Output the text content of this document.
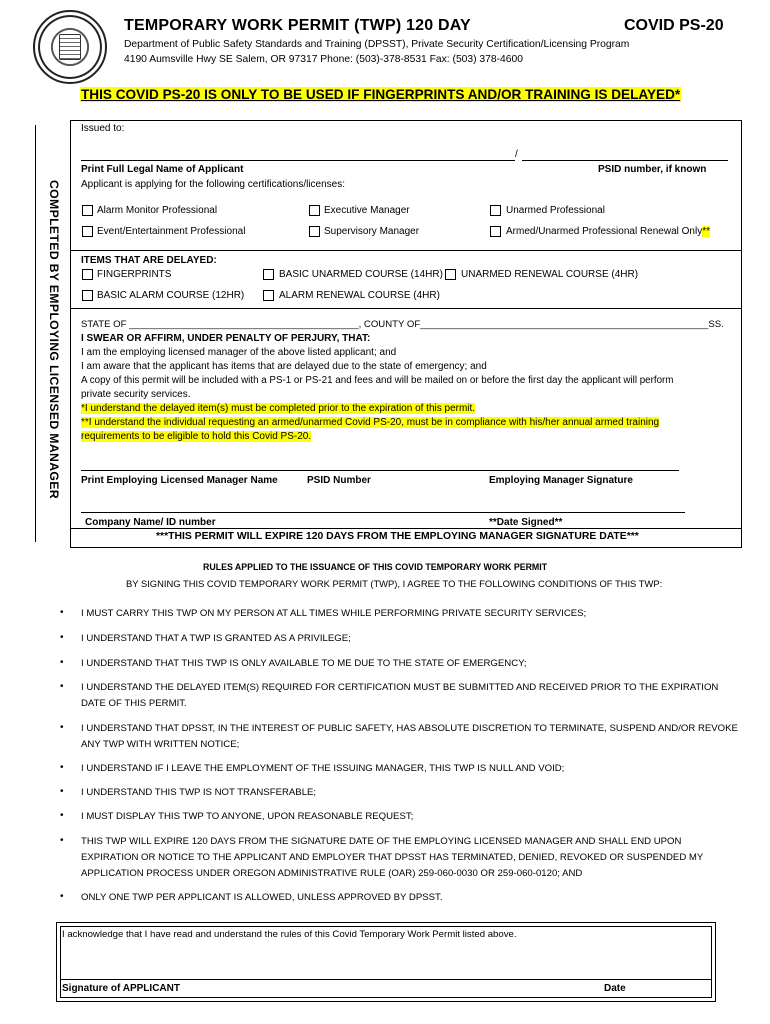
TEMPORARY WORK PERMIT (TWP) 120 DAY	COVID PS-20
Department of Public Safety Standards and Training (DPSST), Private Security Certification/Licensing Program
4190 Aumsville Hwy SE Salem, OR 97317 Phone: (503)-378-8531 Fax: (503) 378-4600
THIS COVID PS-20 IS ONLY TO BE USED IF FINGERPRINTS AND/OR TRAINING IS DELAYED*
COMPLETED BY EMPLOYING LICENSED MANAGER
Issued to:
/
Print Full Legal Name of Applicant	PSID number, if known
Applicant is applying for the following certifications/licenses:
Alarm Monitor Professional	Executive Manager	Unarmed Professional
Event/Entertainment Professional	Supervisory Manager	Armed/Unarmed Professional Renewal Only**
ITEMS THAT ARE DELAYED:
FINGERPRINTS	BASIC UNARMED COURSE (14HR) UNARMED RENEWAL COURSE (4HR)
BASIC ALARM COURSE (12HR)	ALARM RENEWAL COURSE (4HR)
STATE OF ___________________________________________, COUNTY OF______________________________________________________SS.
I SWEAR OR AFFIRM, UNDER PENALTY OF PERJURY, THAT:
I am the employing licensed manager of the above listed applicant; and
I am aware that the applicant has items that are delayed due to the state of emergency; and
A copy of this permit will be included with a PS-1 or PS-21 and fees and will be mailed on or before the first day the applicant will perform
private security services.
*I understand the delayed item(s) must be completed prior to the expiration of this permit.
**I understand the individual requesting an armed/unarmed Covid PS-20, must be in compliance with his/her annual armed training
requirements to be eligible to hold this Covid PS-20.
Print Employing Licensed Manager Name	PSID Number	Employing Manager Signature
Company Name/ ID number	**Date Signed**
***THIS PERMIT WILL EXPIRE 120 DAYS FROM THE EMPLOYING MANAGER SIGNATURE DATE***
RULES APPLIED TO THE ISSUANCE OF THIS COVID TEMPORARY WORK PERMIT
BY SIGNING THIS COVID TEMPORARY WORK PERMIT (TWP), I AGREE TO THE FOLLOWING CONDITIONS OF THIS TWP:
• I MUST CARRY THIS TWP ON MY PERSON AT ALL TIMES WHILE PERFORMING PRIVATE SECURITY SERVICES;
• I UNDERSTAND THAT A TWP IS GRANTED AS A PRIVILEGE;
• I UNDERSTAND THAT THIS TWP IS ONLY AVAILABLE TO ME DUE TO THE STATE OF EMERGENCY;
• I UNDERSTAND THE DELAYED ITEM(S) REQUIRED FOR CERTIFICATION MUST BE SUBMITTED AND RECEIVED PRIOR TO THE EXPIRATION DATE OF THIS PERMIT.
• I UNDERSTAND THAT DPSST, IN THE INTEREST OF PUBLIC SAFETY, HAS ABSOLUTE DISCRETION TO TERMINATE, SUSPEND AND/OR REVOKE ANY TWP WITH WRITTEN NOTICE;
• I UNDERSTAND IF I LEAVE THE EMPLOYMENT OF THE ISSUING MANAGER, THIS TWP IS NULL AND VOID;
• I UNDERSTAND THIS TWP IS NOT TRANSFERABLE;
• I MUST DISPLAY THIS TWP TO ANYONE, UPON REASONABLE REQUEST;
• THIS TWP WILL EXPIRE 120 DAYS FROM THE SIGNATURE DATE OF THE EMPLOYING LICENSED MANAGER AND SHALL END UPON EXPIRATION OR NOTICE TO THE APPLICANT AND EMPLOYER THAT DPSST HAS TERMINATED, DENIED, REVOKED OR SUSPENDED MY APPLICATION PROCESS UNDER OREGON ADMINISTRATIVE RULE (OAR) 259-060-0030 OR 259-060-0120; AND
• ONLY ONE TWP PER APPLICANT IS ALLOWED, UNLESS APPROVED BY DPSST.
I acknowledge that I have read and understand the rules of this Covid Temporary Work Permit listed above.
Signature of APPLICANT	Date
